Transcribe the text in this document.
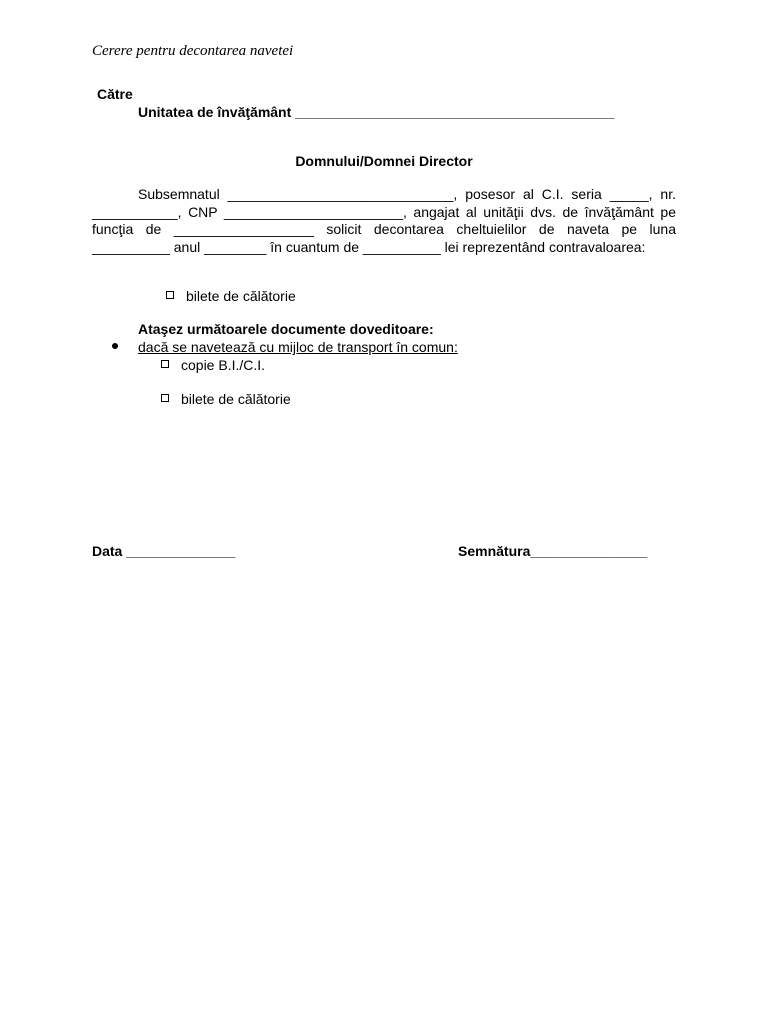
Cerere pentru decontarea navetei
Către
Unitatea de învăţământ _________________________________________
Domnului/Domnei Director

Subsemnatul _____________________________, posesor al C.I. seria _____, nr. ___________, CNP _______________________, angajat al unităţii dvs. de învăţământ pe funcţia de __________________ solicit decontarea cheltuielilor de naveta pe luna __________ anul ________ în cuantum de __________ lei reprezentând contravaloarea:

bilete de călătorie
Ataşez următoarele documente doveditoare:
dacă se navetează cu mijloc de transport în comun:
copie B.I./C.I.
bilete de călătorie
Data ______________	Semnătura_______________
